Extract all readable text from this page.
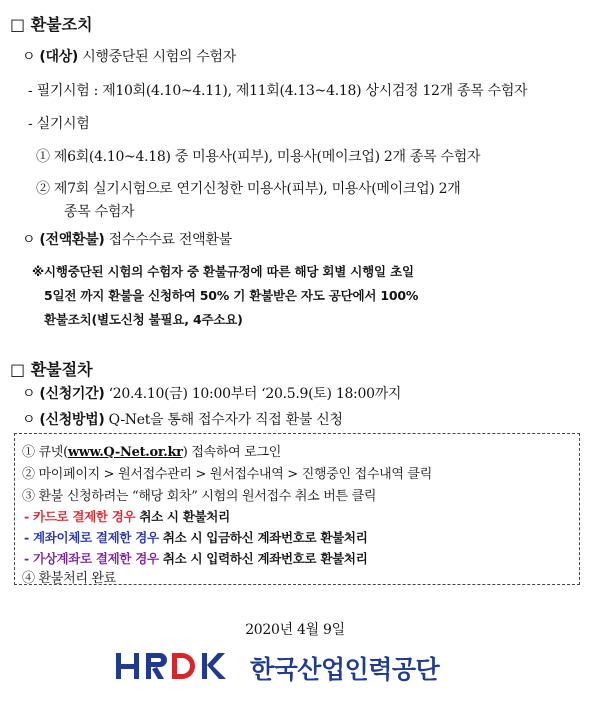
□ 환불조치
ㅇ (대상) 시행중단된 시험의 수험자
- 필기시험 : 제10회(4.10~4.11), 제11회(4.13~4.18) 상시검정 12개 종목 수험자
- 실기시험
① 제6회(4.10~4.18) 중 미용사(피부), 미용사(메이크업) 2개 종목 수험자
② 제7회 실기시험으로 연기신청한 미용사(피부), 미용사(메이크업) 2개
종목 수험자
ㅇ (전액환불) 접수수수료 전액환불
※시행중단된 시험의 수험자 중 환불규정에 따른 해당 회별 시행일 초일
5일전 까지 환불을 신청하여 50% 기 환불받은 자도 공단에서 100%
환불조치(별도신청 불필요, 4주소요)
□ 환불절차
ㅇ (신청기간) ‘20.4.10(금) 10:00부터 ‘20.5.9(토) 18:00까지
ㅇ (신청방법) Q-Net을 통해 접수자가 직접 환불 신청
① 큐넷(www.Q-Net.or.kr) 접속하여 로그인
② 마이페이지 > 원서접수관리 > 원서접수내역 > 진행중인 접수내역 클릭
③ 환불 신청하려는 “해당 회차” 시험의 원서접수 취소 버튼 클릭
- 카드로 결제한 경우 취소 시 환불처리
- 계좌이체로 결제한 경우 취소 시 입금하신 계좌번호로 환불처리
- 가상계좌로 결제한 경우 취소 시 입력하신 계좌번호로 환불처리
④ 환불처리 완료
2020년 4월 9일
한국산업인력공단
